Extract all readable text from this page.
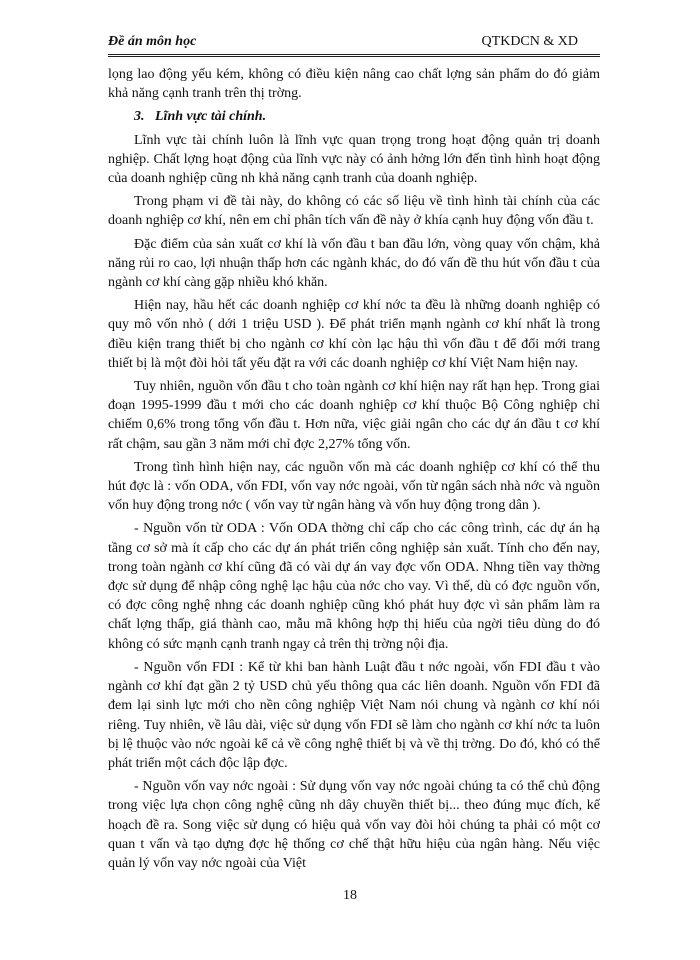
Đề án môn học	QTKDCN & XD

lọng lao động yếu kém, không có điều kiện nâng cao chất lợng sản phẩm do đó giảm khả năng cạnh tranh trên thị trờng.

3. Lĩnh vực tài chính.

Lĩnh vực tài chính luôn là lĩnh vực quan trọng trong hoạt động quản trị doanh nghiệp. Chất lợng hoạt động của lĩnh vực này có ảnh hởng lớn đến tình hình hoạt động của doanh nghiệp cũng nh khả năng cạnh tranh của doanh nghiệp.

Trong phạm vi đề tài này, do không có các số liệu về tình hình tài chính của các doanh nghiệp cơ khí, nên em chỉ phân tích vấn đề này ở khía cạnh huy động vốn đầu t.

Đặc điểm của sản xuất cơ khí là vốn đầu t ban đầu lớn, vòng quay vốn chậm, khả năng rủi ro cao, lợi nhuận thấp hơn các ngành khác, do đó vấn đề thu hút vốn đầu t của ngành cơ khí càng gặp nhiều khó khăn.

Hiện nay, hầu hết các doanh nghiệp cơ khí nớc ta đều là những doanh nghiệp có quy mô vốn nhỏ ( dới 1 triệu USD ). Để phát triển mạnh ngành cơ khí nhất là trong điều kiện trang thiết bị cho ngành cơ khí còn lạc hậu thì vốn đầu t để đổi mới trang thiết bị là một đòi hỏi tất yếu đặt ra với các doanh nghiệp cơ khí Việt Nam hiện nay.

Tuy nhiên, nguồn vốn đầu t cho toàn ngành cơ khí hiện nay rất hạn hẹp. Trong giai đoạn 1995-1999 đầu t mới cho các doanh nghiệp cơ khí thuộc Bộ Công nghiệp chỉ chiếm 0,6% trong tổng vốn đầu t. Hơn nữa, việc giải ngân cho các dự án đầu t cơ khí rất chậm, sau gần 3 năm mới chỉ đợc 2,27% tổng vốn.

Trong tình hình hiện nay, các nguồn vốn mà các doanh nghiệp cơ khí có thể thu hút đợc là : vốn ODA, vốn FDI, vốn vay nớc ngoài, vốn từ ngân sách nhà nớc và nguồn vốn huy động trong nớc ( vốn vay từ ngân hàng và vốn huy động trong dân ).

- Nguồn vốn từ ODA : Vốn ODA thờng chỉ cấp cho các công trình, các dự án hạ tầng cơ sở mà ít cấp cho các dự án phát triển công nghiệp sản xuất. Tính cho đến nay, trong toàn ngành cơ khí cũng đã có vài dự án vay đợc vốn ODA. Nhng tiền vay thờng đợc sử dụng để nhập công nghệ lạc hậu của nớc cho vay. Vì thế, dù có đợc nguồn vốn, có đợc công nghệ nhng các doanh nghiệp cũng khó phát huy đợc vì sản phẩm làm ra chất lợng thấp, giá thành cao, mẫu mã không hợp thị hiếu của ngời tiêu dùng do đó không có sức mạnh cạnh tranh ngay cả trên thị trờng nội địa.

- Nguồn vốn FDI : Kể từ khi ban hành Luật đầu t nớc ngoài, vốn FDI đầu t vào ngành cơ khí đạt gần 2 tỷ USD chủ yếu thông qua các liên doanh. Nguồn vốn FDI đã đem lại sinh lực mới cho nền công nghiệp Việt Nam nói chung và ngành cơ khí nói riêng. Tuy nhiên, về lâu dài, việc sử dụng vốn FDI sẽ làm cho ngành cơ khí nớc ta luôn bị lệ thuộc vào nớc ngoài kể cả về công nghệ thiết bị và về thị trờng. Do đó, khó có thể phát triển một cách độc lập đợc.

- Nguồn vốn vay nớc ngoài : Sử dụng vốn vay nớc ngoài chúng ta có thể chủ động trong việc lựa chọn công nghệ cũng nh dây chuyền thiết bị... theo đúng mục đích, kế hoạch đề ra. Song việc sử dụng có hiệu quả vốn vay đòi hỏi chúng ta phải có một cơ quan t vấn và tạo dựng đợc hệ thống cơ chế thật hữu hiệu của ngân hàng. Nếu việc quản lý vốn vay nớc ngoài của Việt

18
